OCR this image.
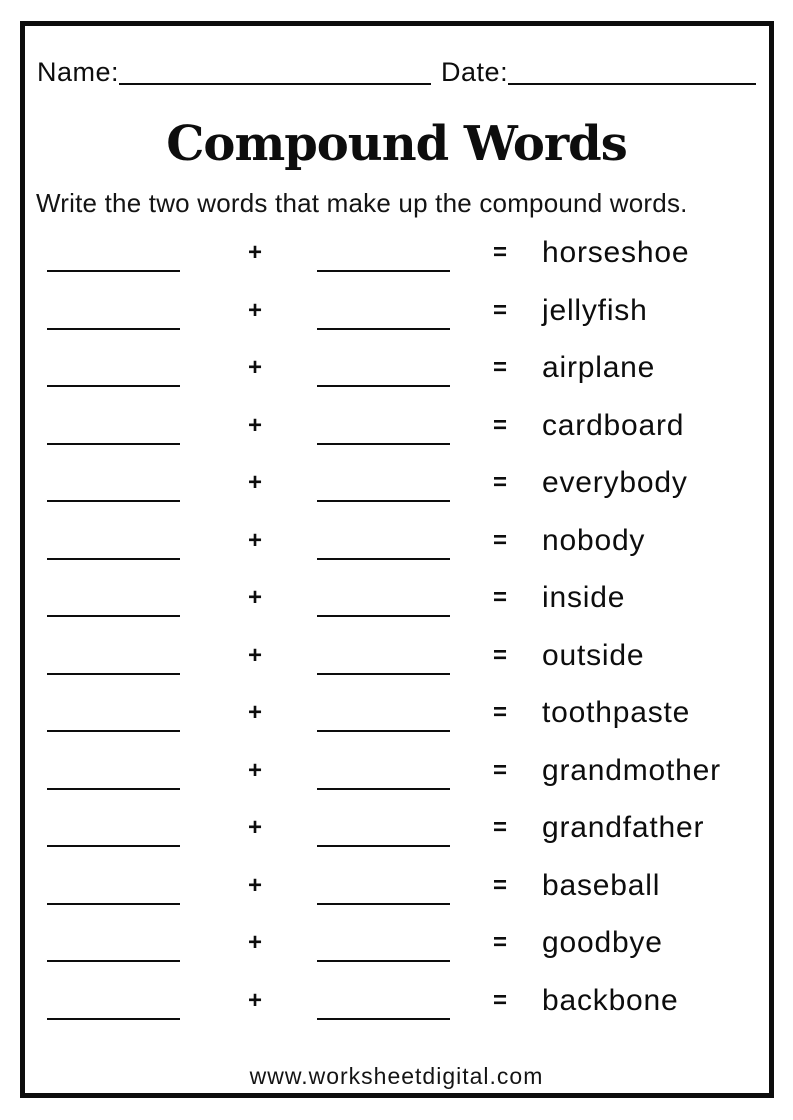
Name:	Date:
Compound Words
Write the two words that make up the compound words.
+	=	horseshoe
+	=	jellyfish
+	=	airplane
+	=	cardboard
+	=	everybody
+	=	nobody
+	=	inside
+	=	outside
+	=	toothpaste
+	=	grandmother
+	=	grandfather
+	=	baseball
+	=	goodbye
+	=	backbone
www.worksheetdigital.com
